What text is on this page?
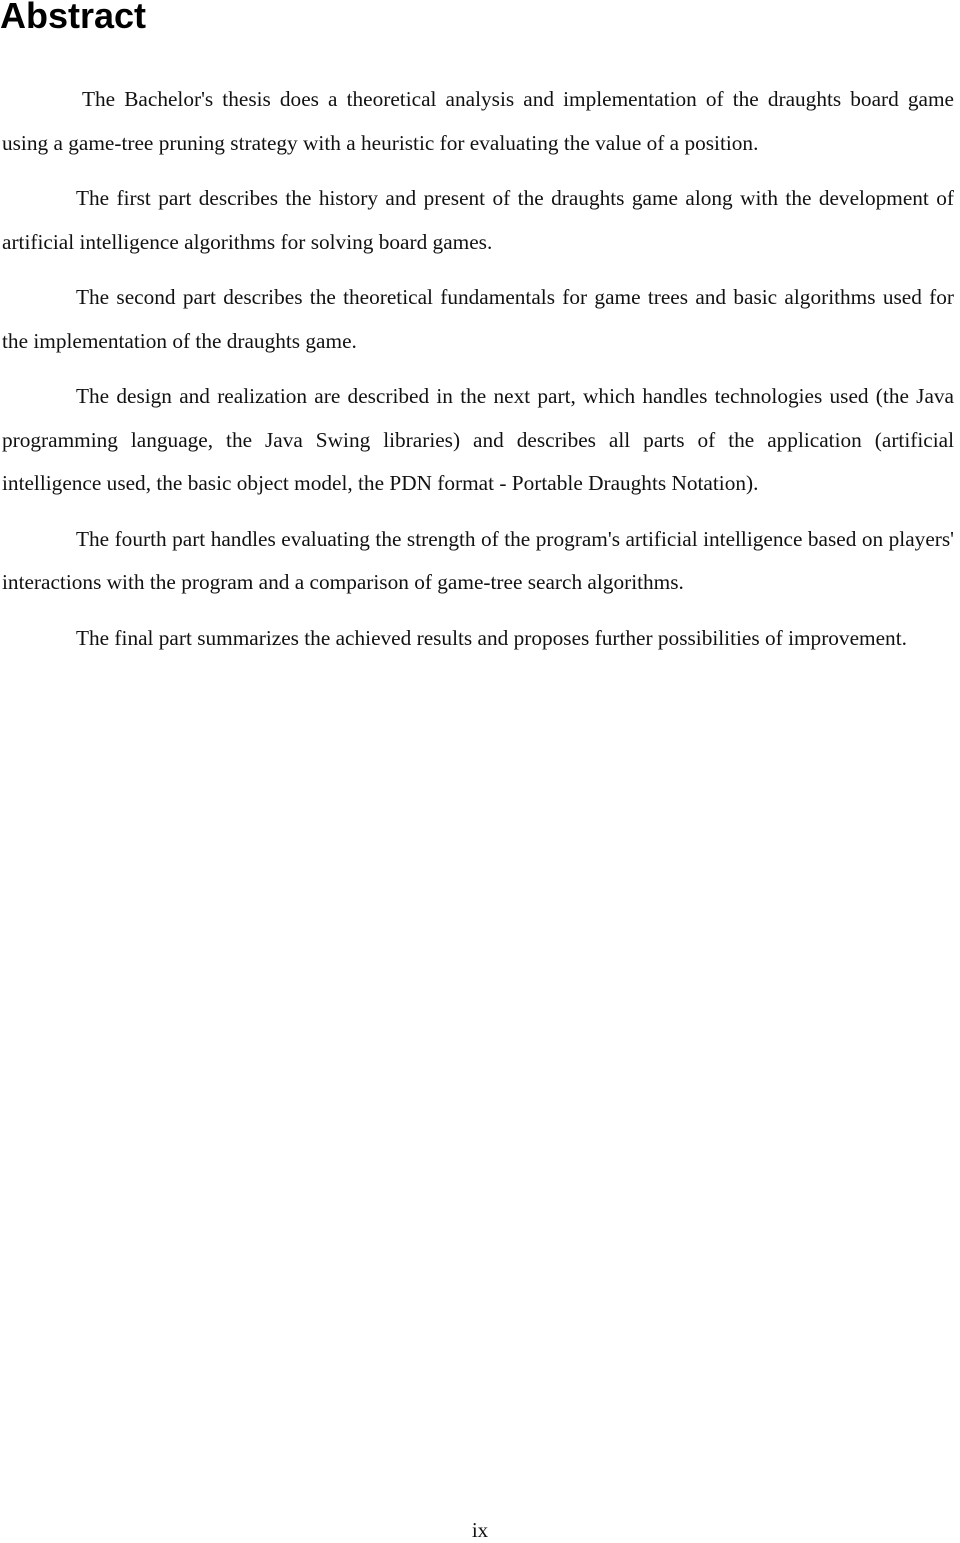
Abstract

The Bachelor's thesis does a theoretical analysis and implementation of the draughts board game using a game-tree pruning strategy with a heuristic for evaluating the value of a position.

The first part describes the history and present of the draughts game along with the development of artificial intelligence algorithms for solving board games.

The second part describes the theoretical fundamentals for game trees and basic algorithms used for the implementation of the draughts game.

The design and realization are described in the next part, which handles technologies used (the Java programming language, the Java Swing libraries) and describes all parts of the application (artificial intelligence used, the basic object model, the PDN format - Portable Draughts Notation).

The fourth part handles evaluating the strength of the program's artificial intelligence based on players' interactions with the program and a comparison of game-tree search algorithms.

The final part summarizes the achieved results and proposes further possibilities of improvement.

ix
